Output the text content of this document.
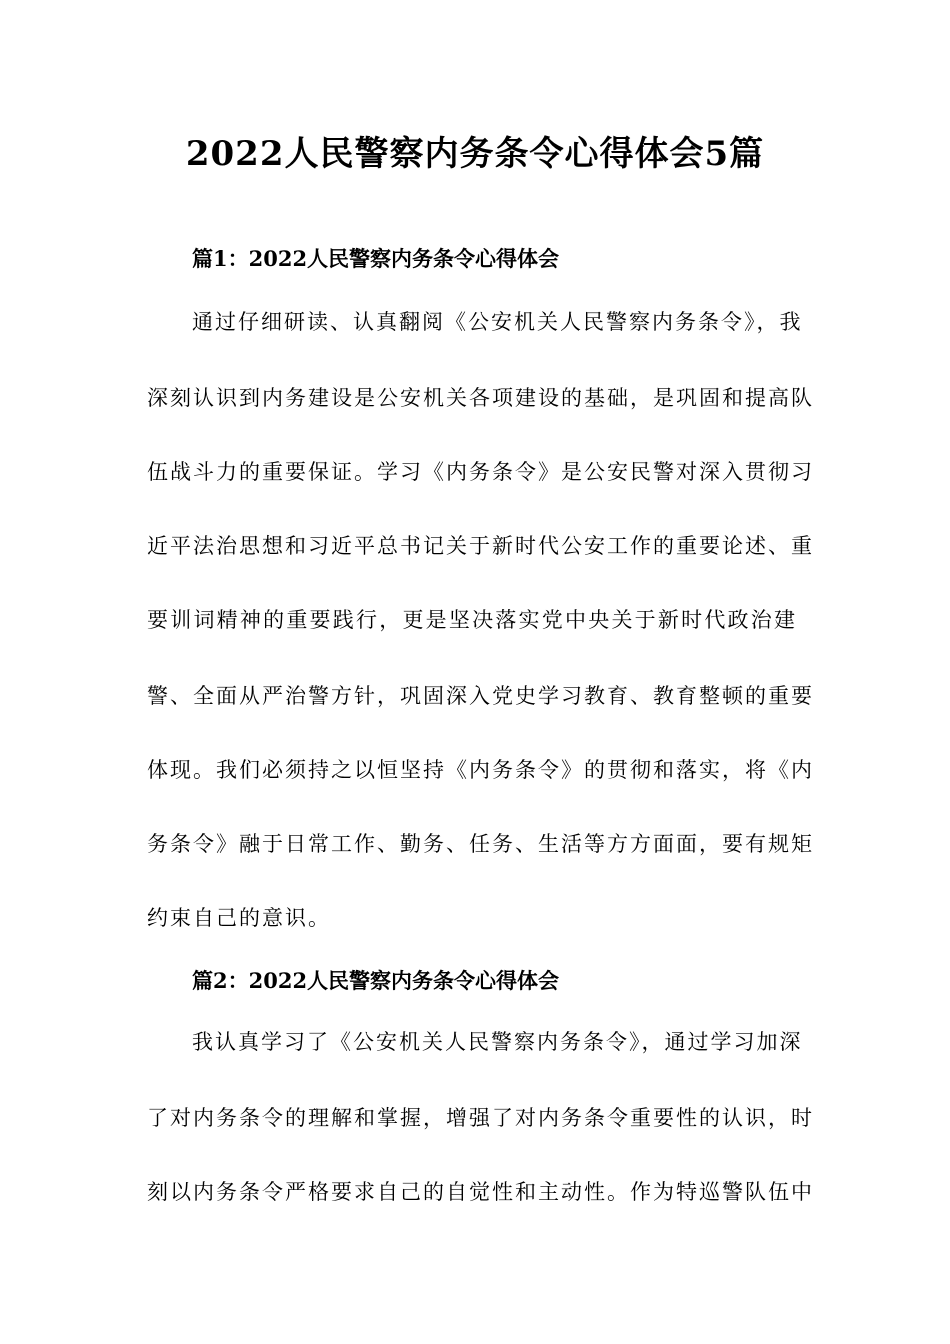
2022人民警察内务条令心得体会5篇
篇1：2022人民警察内务条令心得体会
通过仔细研读、认真翻阅《公安机关人民警察内务条令》，我
深刻认识到内务建设是公安机关各项建设的基础，是巩固和提高队
伍战斗力的重要保证。学习《内务条令》是公安民警对深入贯彻习
近平法治思想和习近平总书记关于新时代公安工作的重要论述、重
要训词精神的重要践行，更是坚决落实党中央关于新时代政治建
警、全面从严治警方针，巩固深入党史学习教育、教育整顿的重要
体现。我们必须持之以恒坚持《内务条令》的贯彻和落实，将《内
务条令》融于日常工作、勤务、任务、生活等方方面面，要有规矩
约束自己的意识。
篇2：2022人民警察内务条令心得体会
我认真学习了《公安机关人民警察内务条令》，通过学习加深
了对内务条令的理解和掌握，增强了对内务条令重要性的认识，时
刻以内务条令严格要求自己的自觉性和主动性。作为特巡警队伍中
